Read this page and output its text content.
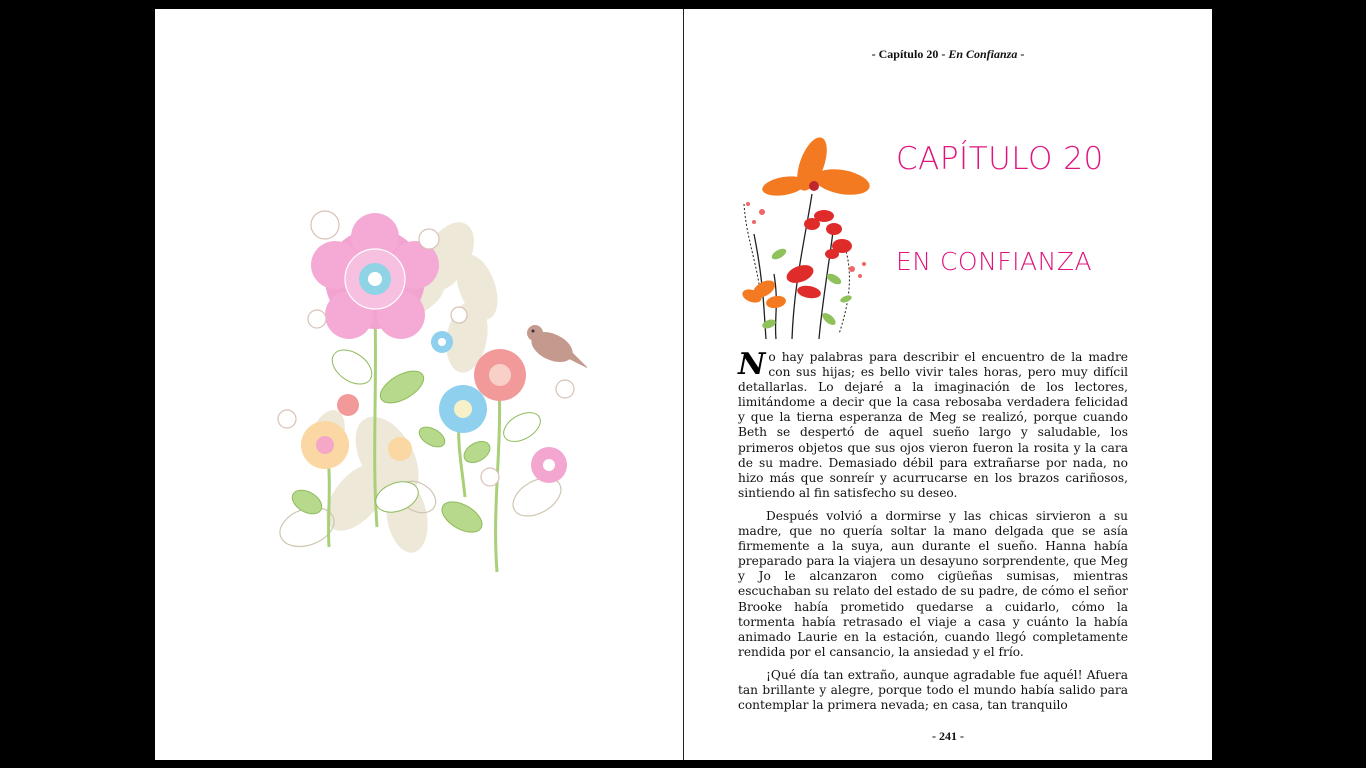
- Capítulo 20 - En Confianza -
CAPÍTULO 20
EN CONFIANZA

No hay palabras para describir el encuentro de la madre con sus hijas; es bello vivir tales horas, pero muy difícil detallarlas. Lo dejaré a la imaginación de los lectores, limitándome a decir que la casa rebosaba verdadera felicidad y que la tierna esperanza de Meg se realizó, porque cuando Beth se despertó de aquel sueño largo y saludable, los primeros objetos que sus ojos vieron fueron la rosita y la cara de su madre. Demasiado débil para extrañarse por nada, no hizo más que sonreír y acurrucarse en los brazos cariñosos, sintiendo al fin satisfecho su deseo.

Después volvió a dormirse y las chicas sirvieron a su madre, que no quería soltar la mano delgada que se asía firmemente a la suya, aun durante el sueño. Hanna había preparado para la viajera un desayuno sorprendente, que Meg y Jo le alcanzaron como cigüeñas sumisas, mientras escuchaban su relato del estado de su padre, de cómo el señor Brooke había prometido quedarse a cuidarlo, cómo la tormenta había retrasado el viaje a casa y cuánto la había animado Laurie en la estación, cuando llegó completamente rendida por el cansancio, la ansiedad y el frío.

¡Qué día tan extraño, aunque agradable fue aquél! Afuera tan brillante y alegre, porque todo el mundo había salido para contemplar la primera nevada; en casa, tan tranquilo

- 241 -
